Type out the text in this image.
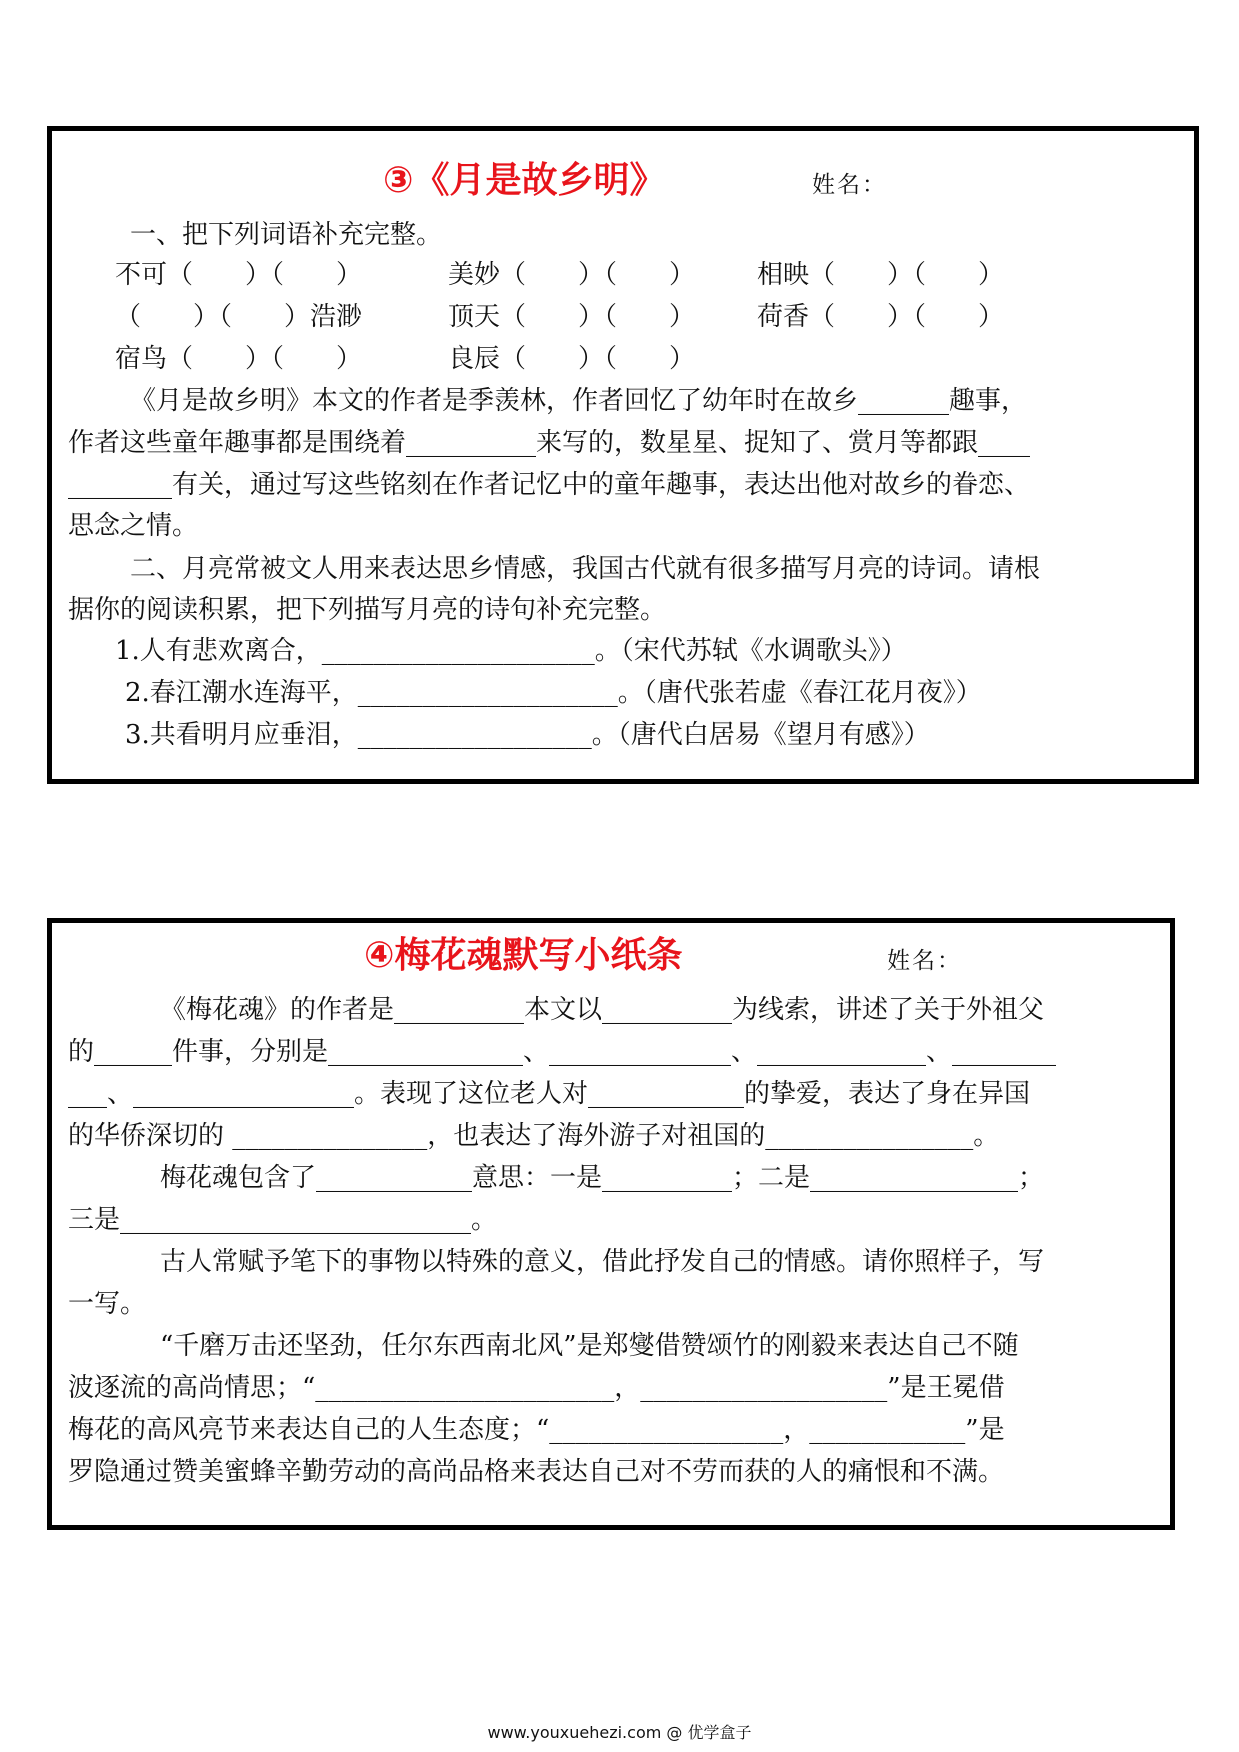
③《月是故乡明》	姓名：
一、把下列词语补充完整。
不可（　　）（　　）	美妙（　　）（　　） 相映（　　）（　　）
（　　）（　　）浩渺	顶天（　　）（　　） 荷香（　　）（　　）
宿鸟（　　）（　　）	良辰（　　）（　　）
《月是故乡明》本文的作者是季羡林，作者回忆了幼年时在故乡_______趣事，
作者这些童年趣事都是围绕着__________来写的，数星星、捉知了、赏月等都跟____
________有关，通过写这些铭刻在作者记忆中的童年趣事，表达出他对故乡的眷恋、
思念之情。
二、月亮常被文人用来表达思乡情感，我国古代就有很多描写月亮的诗词。请根
据你的阅读积累，把下列描写月亮的诗句补充完整。
1.人有悲欢离合，_____________________。（宋代苏轼《水调歌头》）
2.春江潮水连海平，____________________。（唐代张若虚《春江花月夜》）
3.共看明月应垂泪，__________________。（唐代白居易《望月有感》）
④梅花魂默写小纸条	姓名：
《梅花魂》的作者是__________本文以__________为线索，讲述了关于外祖父
的______件事，分别是_______________、______________、_____________、________
___、_________________。表现了这位老人对____________的挚爱，表达了身在异国
的华侨深切的 _______________，也表达了海外游子对祖国的________________。
梅花魂包含了____________意思：一是__________；二是________________；
三是___________________________。
古人常赋予笔下的事物以特殊的意义，借此抒发自己的情感。请你照样子，写
一写。
“千磨万击还坚劲，任尔东西南北风”是郑燮借赞颂竹的刚毅来表达自己不随
波逐流的高尚情思；“_______________________，___________________”是王冕借
梅花的高风亮节来表达自己的人生态度；“__________________，____________”是
罗隐通过赞美蜜蜂辛勤劳动的高尚品格来表达自己对不劳而获的人的痛恨和不满。
www.youxuehezi.com @ 优学盒子
